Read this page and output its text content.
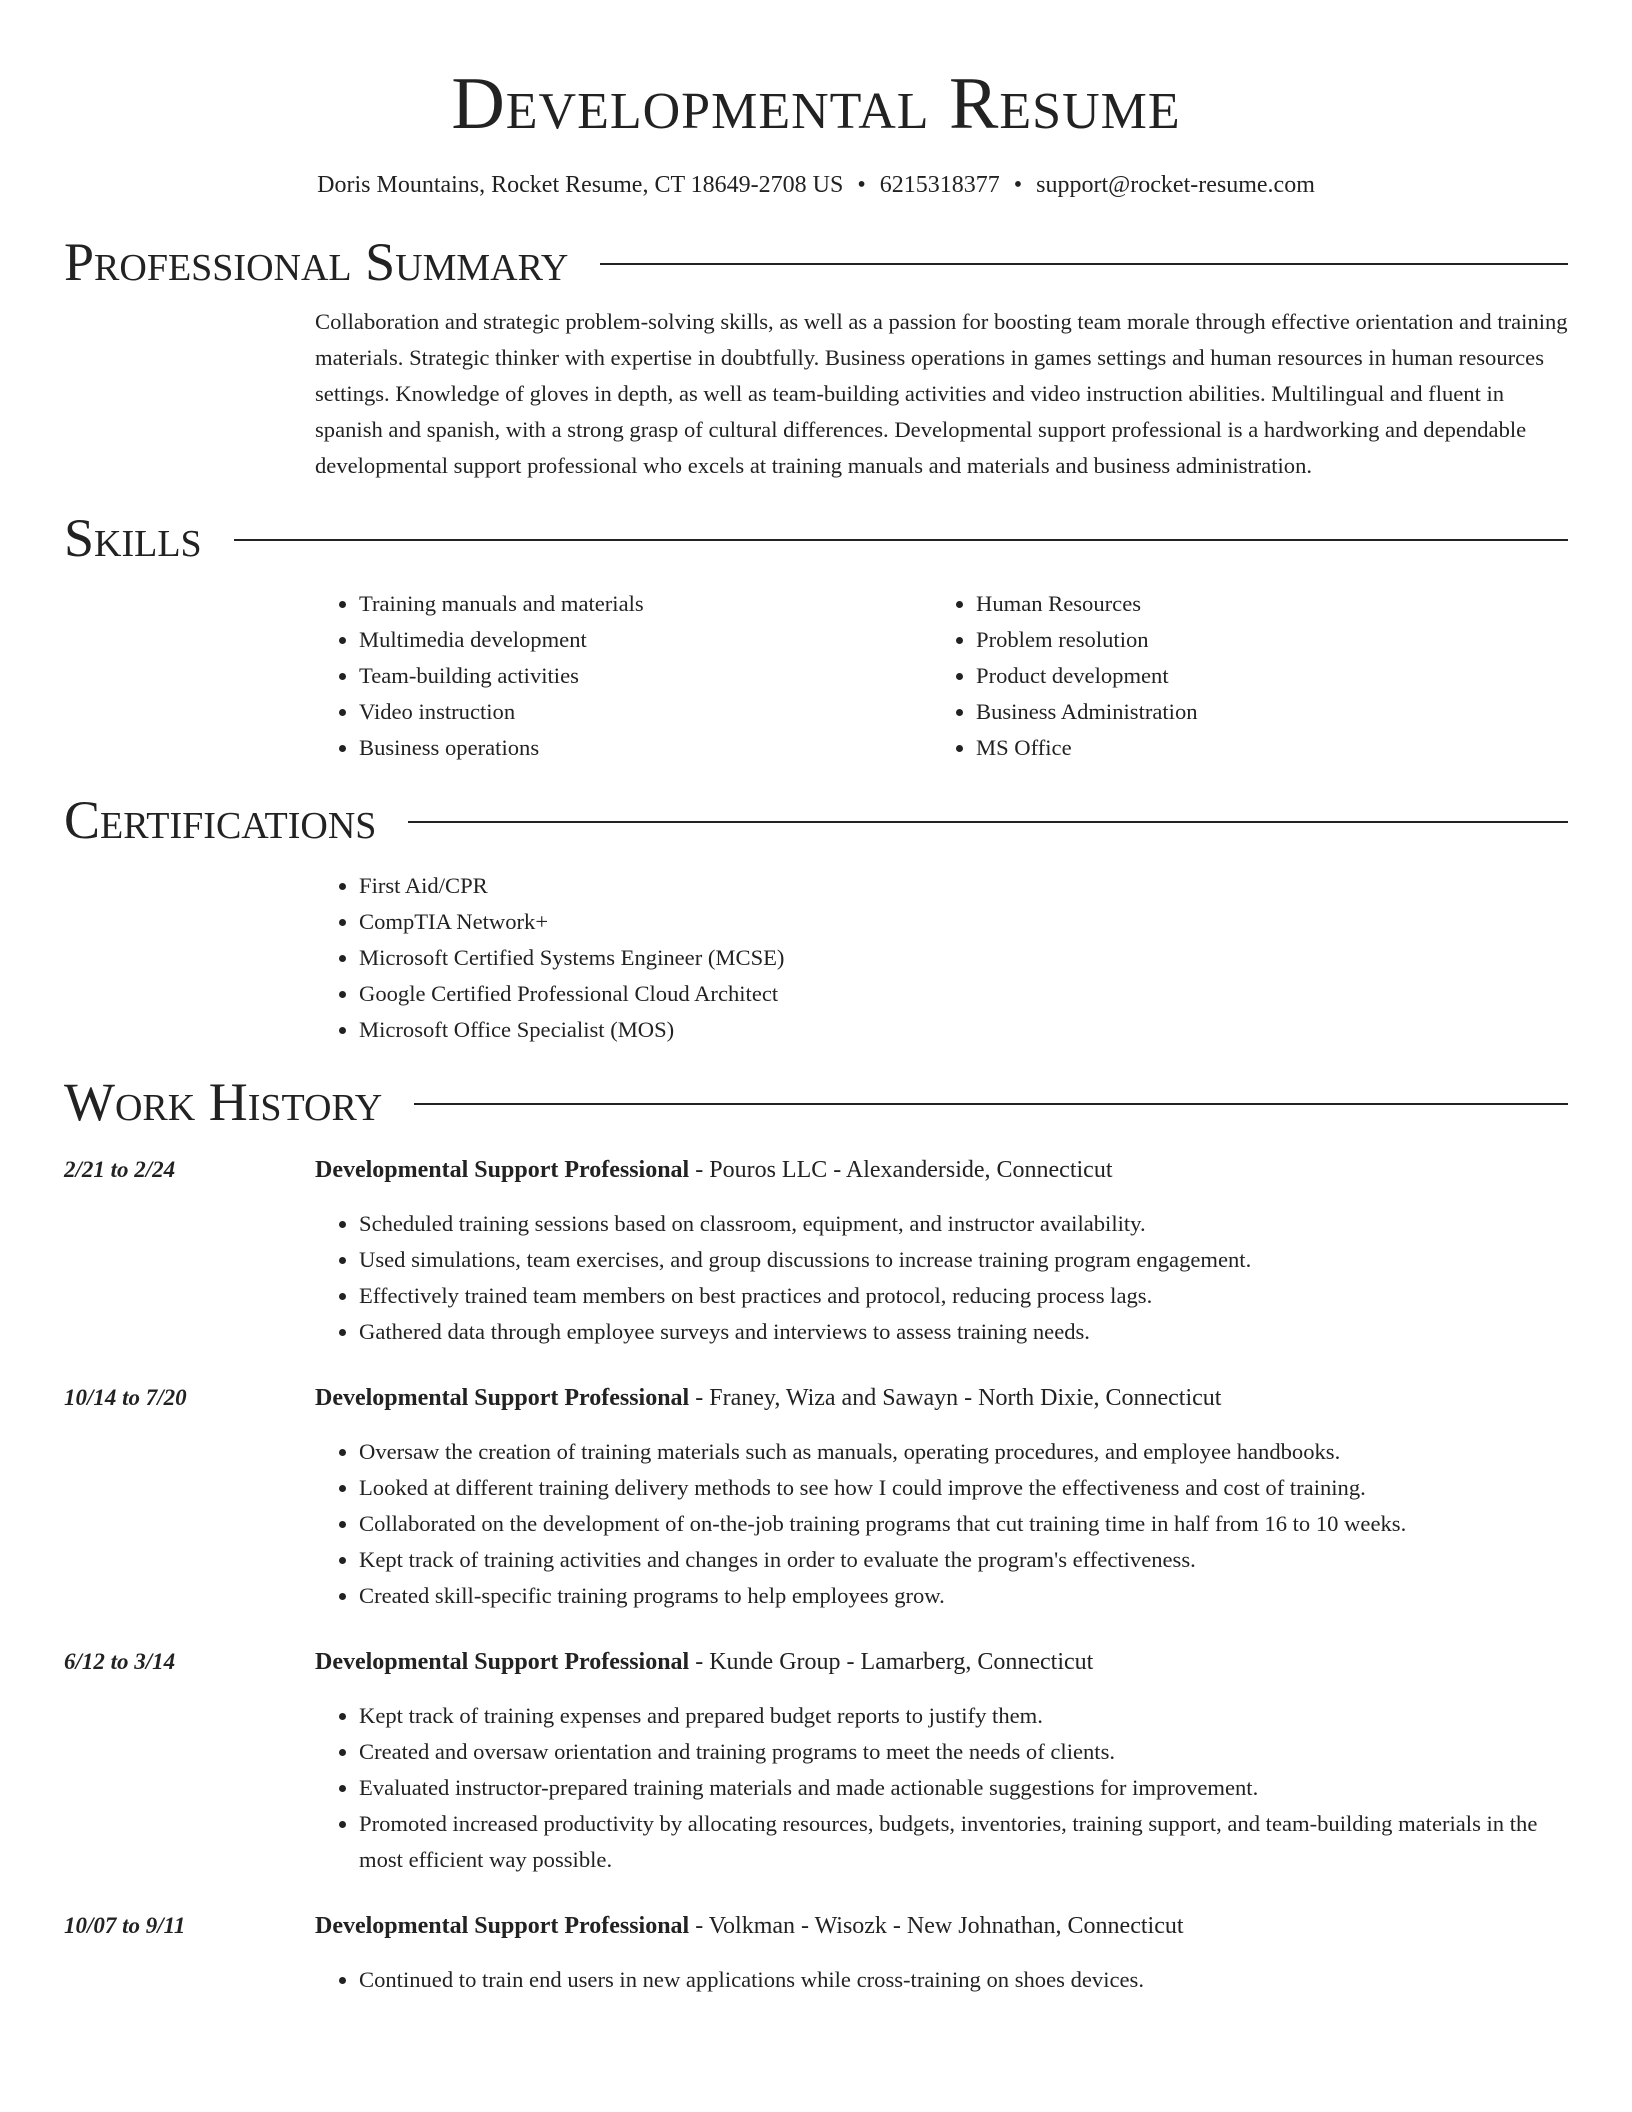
Developmental Resume
Doris Mountains, Rocket Resume, CT 18649-2708 US • 6215318377 • support@rocket-resume.com
Professional Summary
Collaboration and strategic problem-solving skills, as well as a passion for boosting team morale through effective orientation and training materials. Strategic thinker with expertise in doubtfully. Business operations in games settings and human resources in human resources settings. Knowledge of gloves in depth, as well as team-building activities and video instruction abilities. Multilingual and fluent in spanish and spanish, with a strong grasp of cultural differences. Developmental support professional is a hardworking and dependable developmental support professional who excels at training manuals and materials and business administration.
Skills
• Training manuals and materials
• Multimedia development
• Team-building activities
• Video instruction
• Business operations
• Human Resources
• Problem resolution
• Product development
• Business Administration
• MS Office
Certifications
• First Aid/CPR
• CompTIA Network+
• Microsoft Certified Systems Engineer (MCSE)
• Google Certified Professional Cloud Architect
• Microsoft Office Specialist (MOS)
Work History
2/21 to 2/24	Developmental Support Professional - Pouros LLC - Alexanderside, Connecticut
• Scheduled training sessions based on classroom, equipment, and instructor availability.
• Used simulations, team exercises, and group discussions to increase training program engagement.
• Effectively trained team members on best practices and protocol, reducing process lags.
• Gathered data through employee surveys and interviews to assess training needs.
10/14 to 7/20	Developmental Support Professional - Franey, Wiza and Sawayn - North Dixie, Connecticut
• Oversaw the creation of training materials such as manuals, operating procedures, and employee handbooks.
• Looked at different training delivery methods to see how I could improve the effectiveness and cost of training.
• Collaborated on the development of on-the-job training programs that cut training time in half from 16 to 10 weeks.
• Kept track of training activities and changes in order to evaluate the program's effectiveness.
• Created skill-specific training programs to help employees grow.
6/12 to 3/14	Developmental Support Professional - Kunde Group - Lamarberg, Connecticut
• Kept track of training expenses and prepared budget reports to justify them.
• Created and oversaw orientation and training programs to meet the needs of clients.
• Evaluated instructor-prepared training materials and made actionable suggestions for improvement.
• Promoted increased productivity by allocating resources, budgets, inventories, training support, and team-building materials in the most efficient way possible.
10/07 to 9/11	Developmental Support Professional - Volkman - Wisozk - New Johnathan, Connecticut
• Continued to train end users in new applications while cross-training on shoes devices.
